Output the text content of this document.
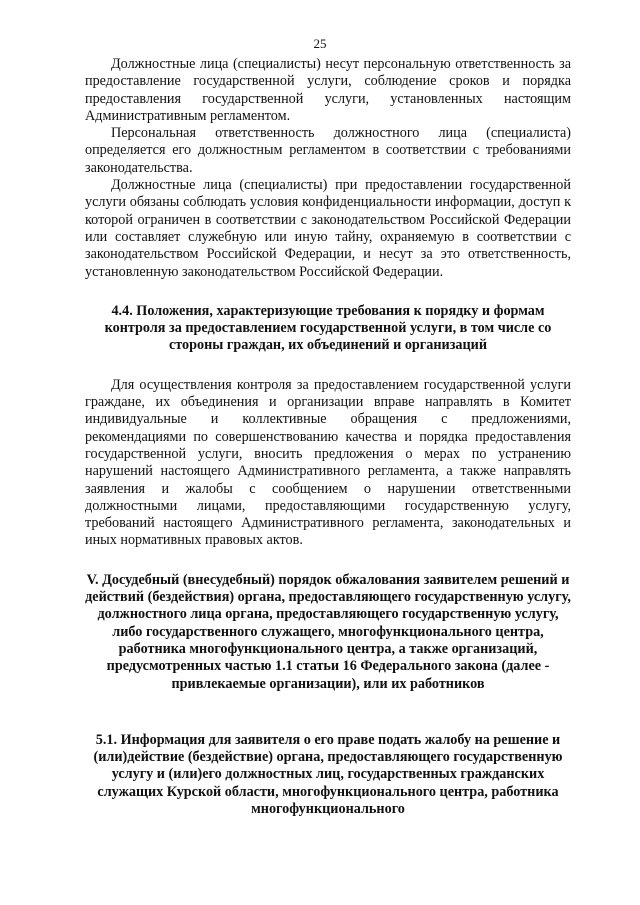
25

Должностные лица (специалисты) несут персональную ответственность за предоставление государственной услуги, соблюдение сроков и порядка предоставления государственной услуги, установленных настоящим Административным регламентом.

Персональная ответственность должностного лица (специалиста) определяется его должностным регламентом в соответствии с требованиями законодательства.

Должностные лица (специалисты) при предоставлении государственной услуги обязаны соблюдать условия конфиденциальности информации, доступ к которой ограничен в соответствии с законодательством Российской Федерации или составляет служебную или иную тайну, охраняемую в соответствии с законодательством Российской Федерации, и несут за это ответственность, установленную законодательством Российской Федерации.

4.4. Положения, характеризующие требования к порядку и формам контроля за предоставлением государственной услуги, в том числе со стороны граждан, их объединений и организаций

Для осуществления контроля за предоставлением государственной услуги граждане, их объединения и организации вправе направлять в Комитет индивидуальные и коллективные обращения с предложениями, рекомендациями по совершенствованию качества и порядка предоставления государственной услуги, вносить предложения о мерах по устранению нарушений настоящего Административного регламента, а также направлять заявления и жалобы с сообщением о нарушении ответственными должностными лицами, предоставляющими государственную услугу, требований настоящего Административного регламента, законодательных и иных нормативных правовых актов.

V. Досудебный (внесудебный) порядок обжалования заявителем решений и действий (бездействия) органа, предоставляющего государственную услугу, должностного лица органа, предоставляющего государственную услугу, либо государственного служащего, многофункционального центра, работника многофункционального центра, а также организаций, предусмотренных частью 1.1 статьи 16 Федерального закона (далее - привлекаемые организации), или их работников

5.1. Информация для заявителя о его праве подать жалобу на решение и (или)действие (бездействие) органа, предоставляющего государственную услугу и (или)его должностных лиц, государственных гражданских служащих Курской области, многофункционального центра, работника многофункционального
